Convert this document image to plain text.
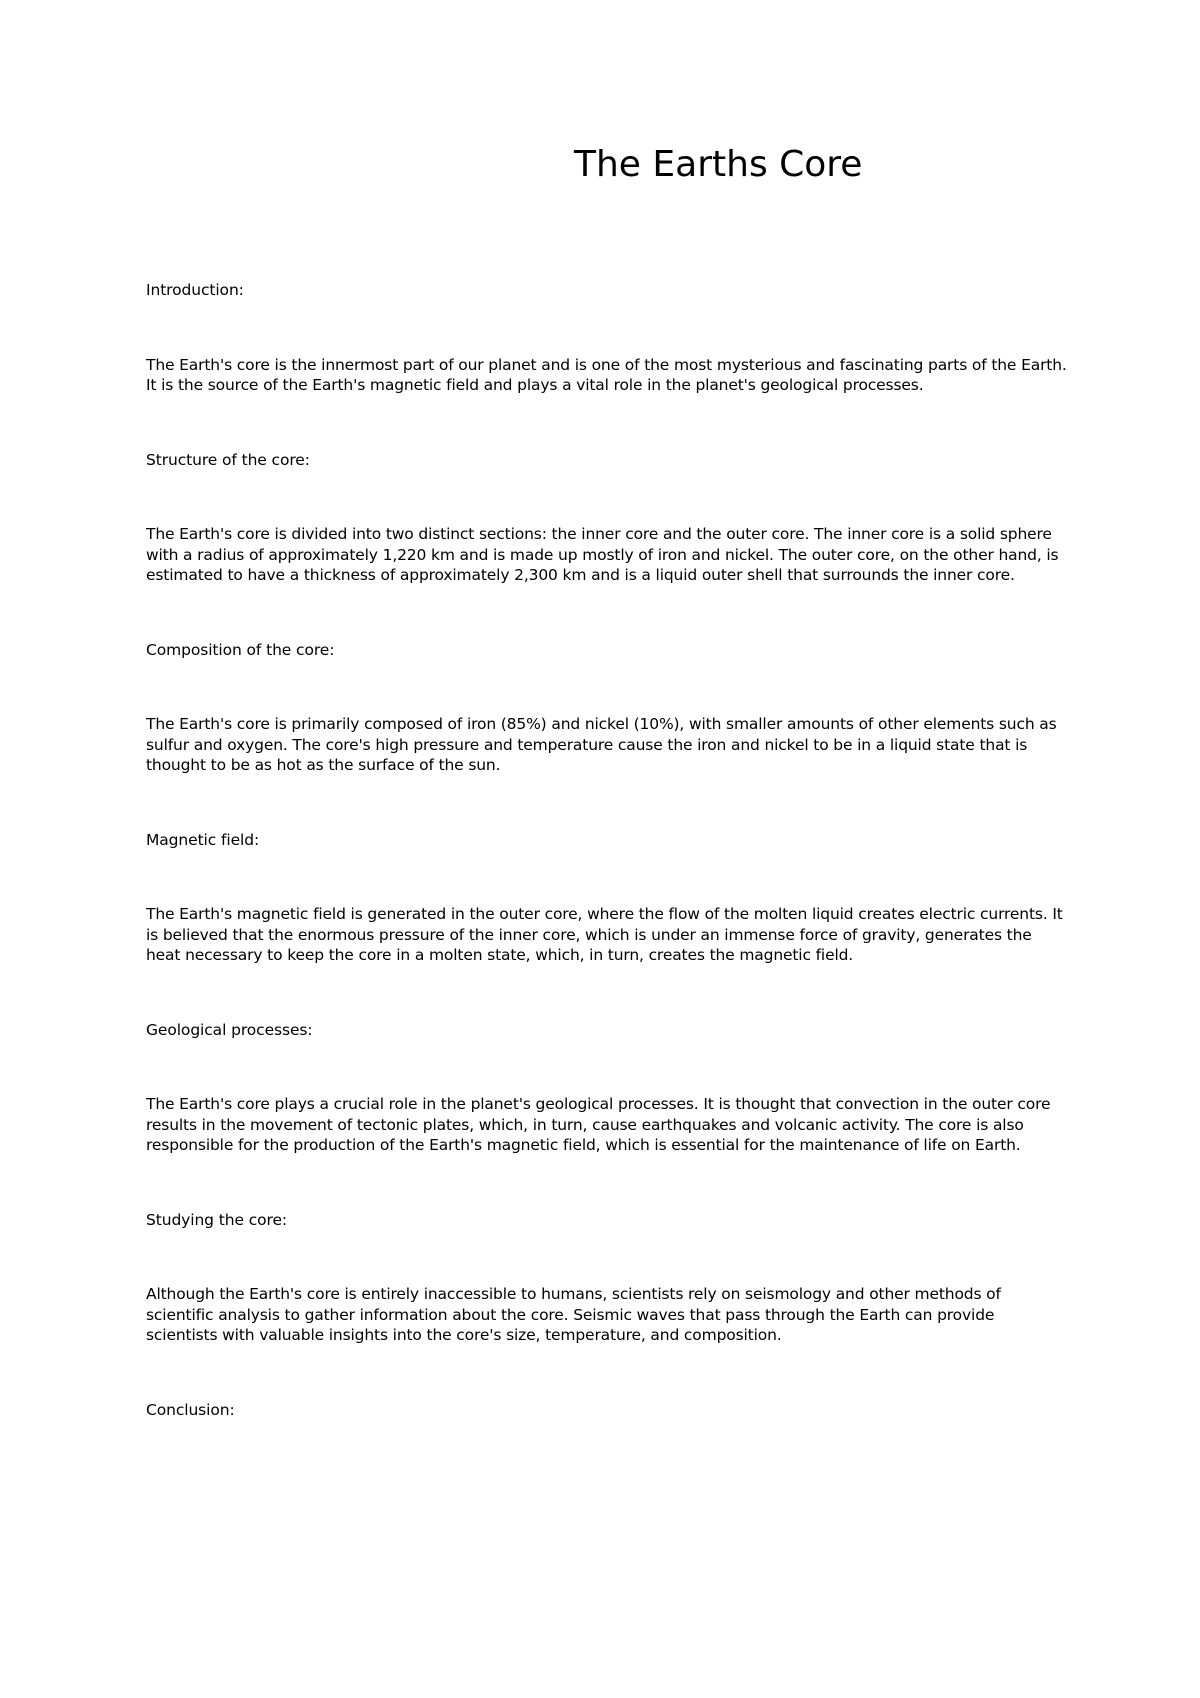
The Earths Core

Introduction:

The Earth's core is the innermost part of our planet and is one of the most mysterious and fascinating parts of the Earth. It is the source of the Earth's magnetic field and plays a vital role in the planet's geological processes.

Structure of the core:

The Earth's core is divided into two distinct sections: the inner core and the outer core. The inner core is a solid sphere with a radius of approximately 1,220 km and is made up mostly of iron and nickel. The outer core, on the other hand, is estimated to have a thickness of approximately 2,300 km and is a liquid outer shell that surrounds the inner core.

Composition of the core:

The Earth's core is primarily composed of iron (85%) and nickel (10%), with smaller amounts of other elements such as sulfur and oxygen. The core's high pressure and temperature cause the iron and nickel to be in a liquid state that is thought to be as hot as the surface of the sun.

Magnetic field:

The Earth's magnetic field is generated in the outer core, where the flow of the molten liquid creates electric currents. It is believed that the enormous pressure of the inner core, which is under an immense force of gravity, generates the heat necessary to keep the core in a molten state, which, in turn, creates the magnetic field.

Geological processes:

The Earth's core plays a crucial role in the planet's geological processes. It is thought that convection in the outer core results in the movement of tectonic plates, which, in turn, cause earthquakes and volcanic activity. The core is also responsible for the production of the Earth's magnetic field, which is essential for the maintenance of life on Earth.

Studying the core:

Although the Earth's core is entirely inaccessible to humans, scientists rely on seismology and other methods of scientific analysis to gather information about the core. Seismic waves that pass through the Earth can provide scientists with valuable insights into the core's size, temperature, and composition.

Conclusion:
